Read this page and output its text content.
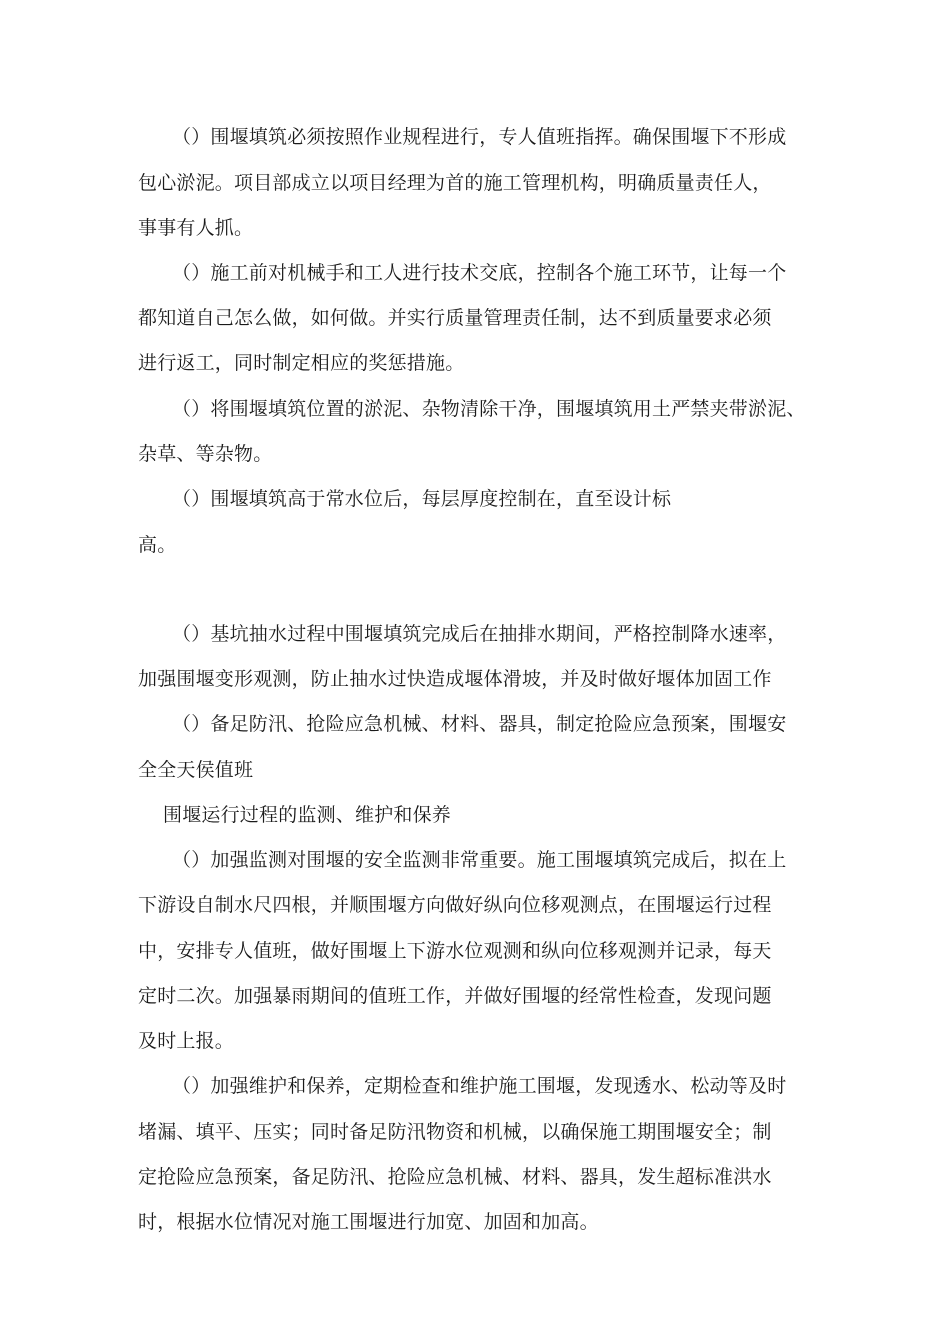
（）围堰填筑必须按照作业规程进行，专人值班指挥。确保围堰下不形成
包心淤泥。项目部成立以项目经理为首的施工管理机构，明确质量责任人，
事事有人抓。
（）施工前对机械手和工人进行技术交底，控制各个施工环节，让每一个
都知道自己怎么做，如何做。并实行质量管理责任制，达不到质量要求必须
进行返工，同时制定相应的奖惩措施。
（）将围堰填筑位置的淤泥、杂物清除干净，围堰填筑用土严禁夹带淤泥、
杂草、等杂物。
（）围堰填筑高于常水位后，每层厚度控制在，直至设计标
高。
（）基坑抽水过程中围堰填筑完成后在抽排水期间，严格控制降水速率，
加强围堰变形观测，防止抽水过快造成堰体滑坡，并及时做好堰体加固工作
（）备足防汛、抢险应急机械、材料、器具，制定抢险应急预案，围堰安
全全天侯值班
围堰运行过程的监测、维护和保养
（）加强监测对围堰的安全监测非常重要。施工围堰填筑完成后，拟在上
下游设自制水尺四根，并顺围堰方向做好纵向位移观测点，在围堰运行过程
中，安排专人值班，做好围堰上下游水位观测和纵向位移观测并记录，每天
定时二次。加强暴雨期间的值班工作，并做好围堰的经常性检查，发现问题
及时上报。
（）加强维护和保养，定期检查和维护施工围堰，发现透水、松动等及时
堵漏、填平、压实；同时备足防汛物资和机械，以确保施工期围堰安全；制
定抢险应急预案，备足防汛、抢险应急机械、材料、器具，发生超标准洪水
时，根据水位情况对施工围堰进行加宽、加固和加高。
